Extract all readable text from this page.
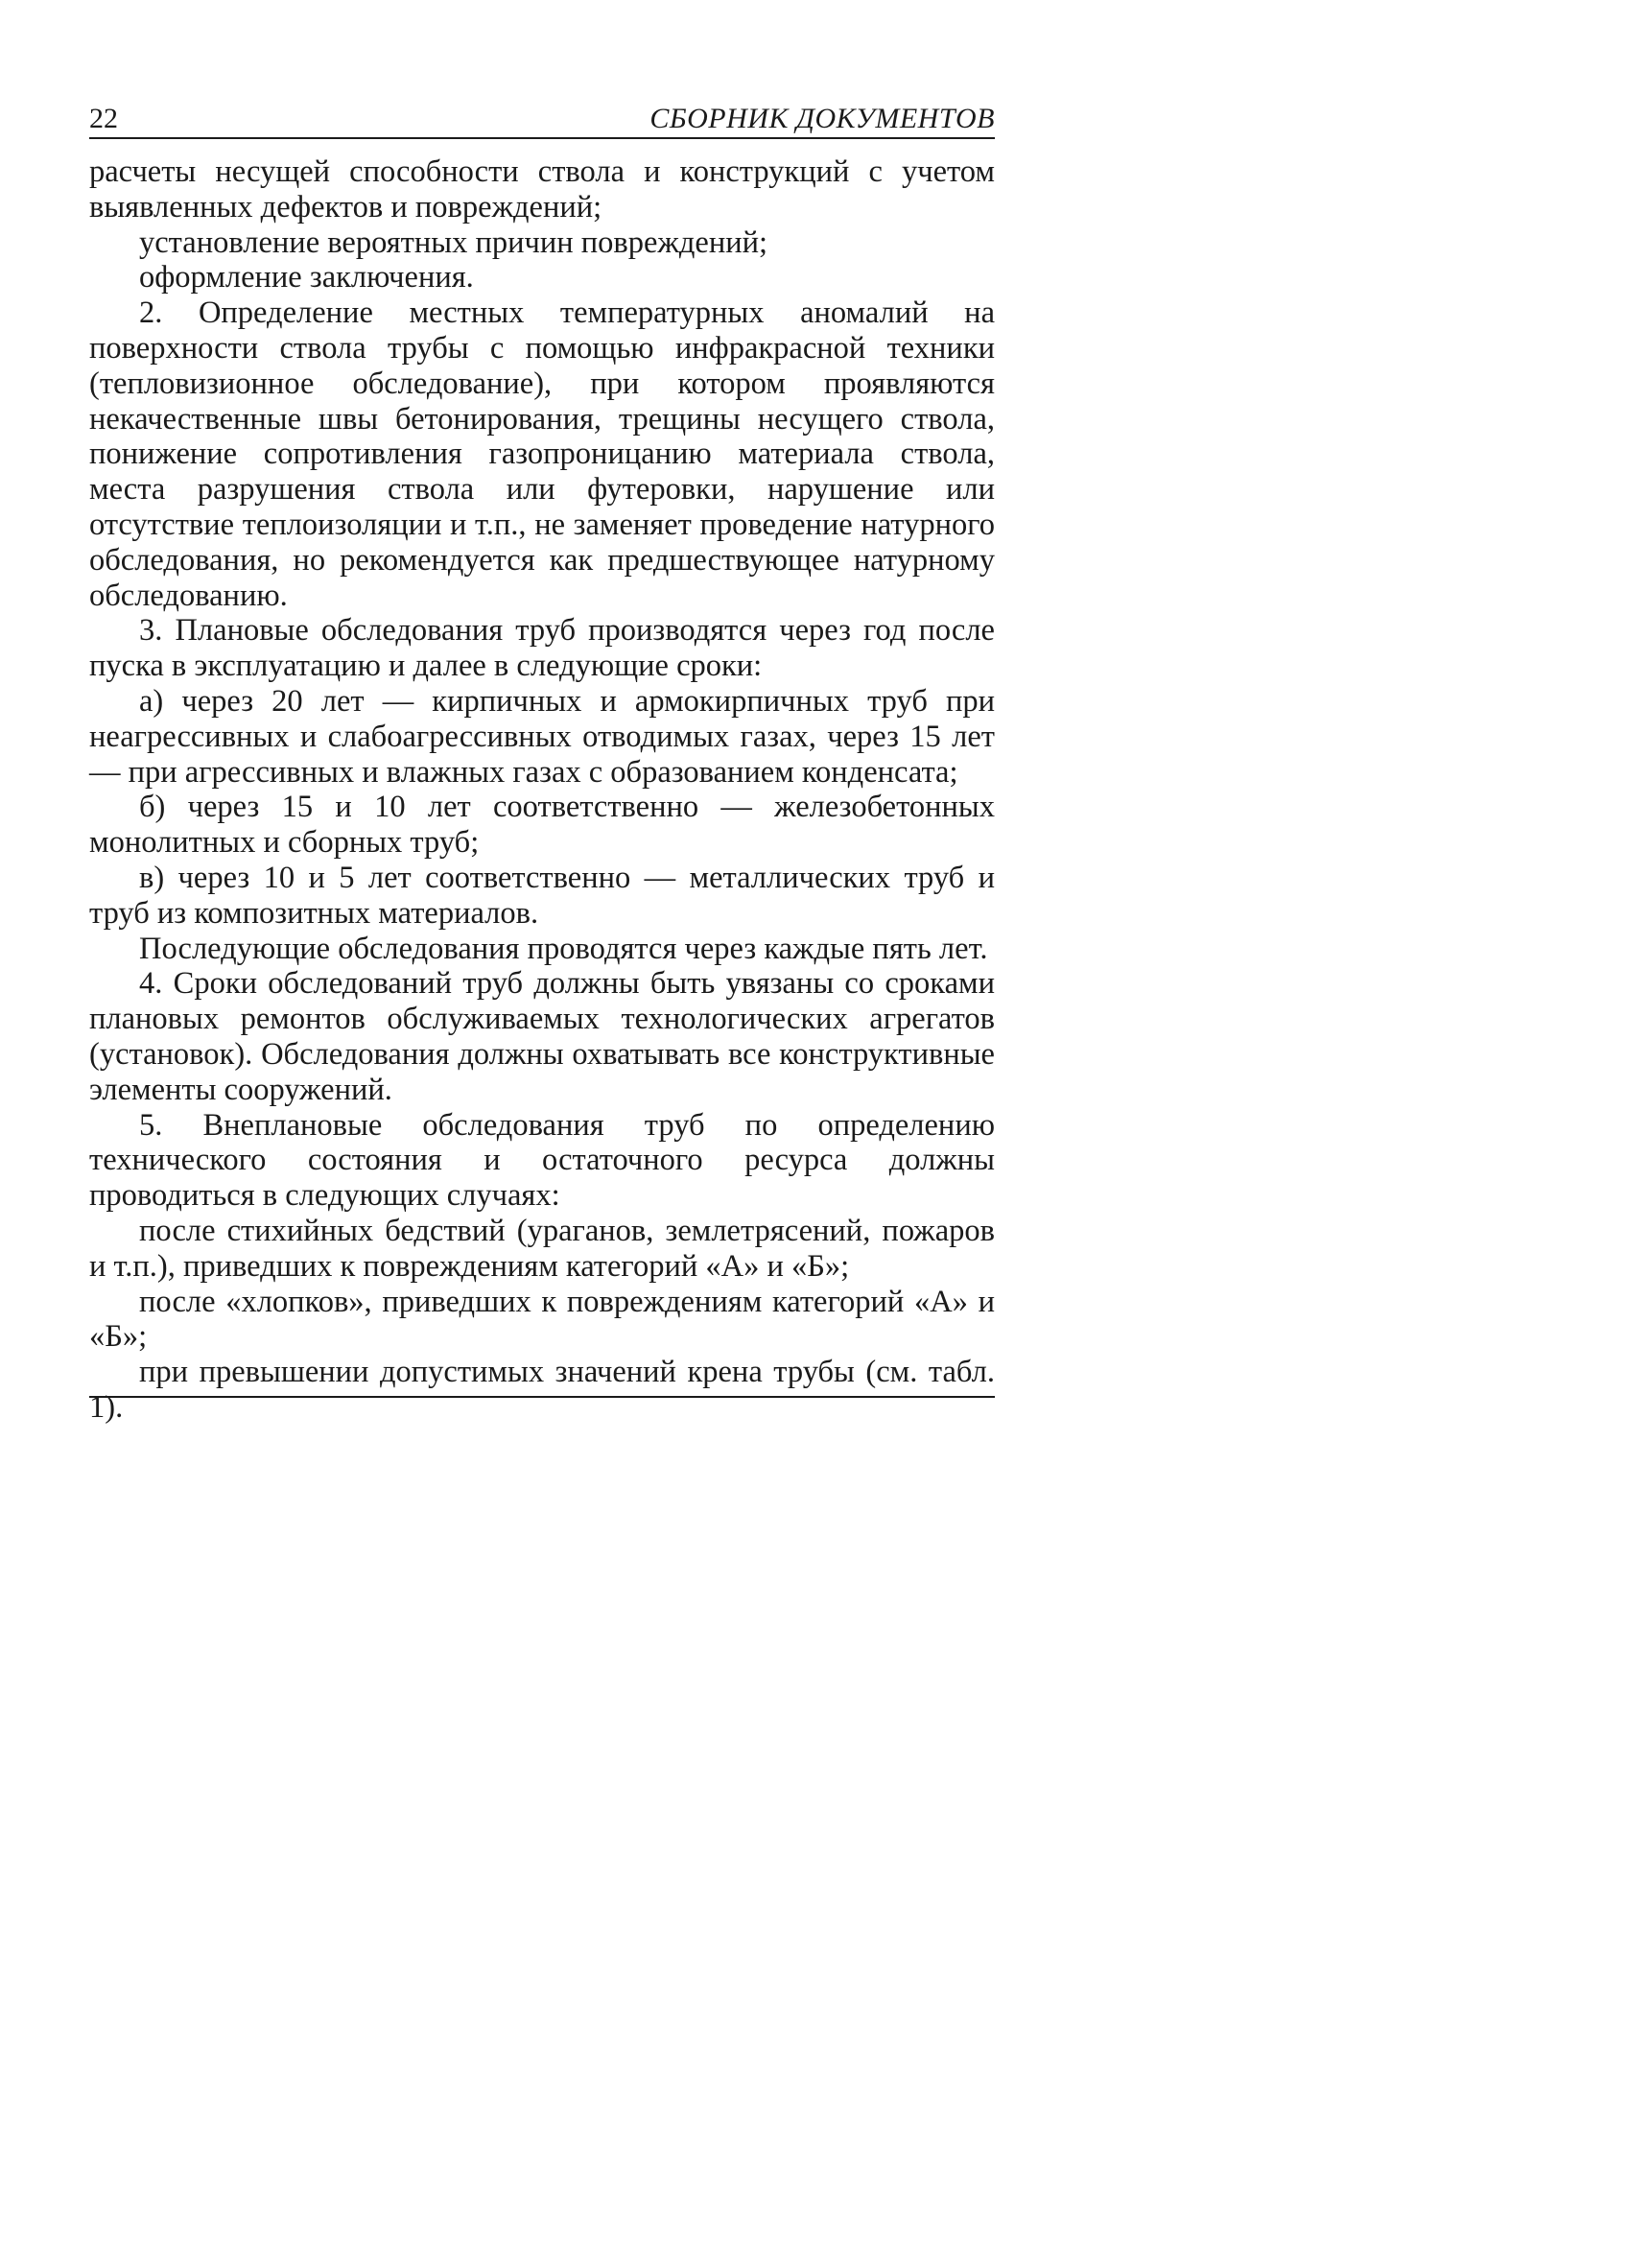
22	СБОРНИК ДОКУМЕНТОВ

расчеты несущей способности ствола и конструкций с учетом выявленных дефектов и повреждений;

установление вероятных причин повреждений;

оформление заключения.

2. Определение местных температурных аномалий на поверхности ствола трубы с помощью инфракрасной техники (тепловизионное обследование), при котором проявляются некачественные швы бетонирования, трещины несущего ствола, понижение сопротивления газопроницанию материала ствола, места разрушения ствола или футеровки, нарушение или отсутствие теплоизоляции и т.п., не заменяет проведение натурного обследования, но рекомендуется как предшествующее натурному обследованию.

3. Плановые обследования труб производятся через год после пуска в эксплуатацию и далее в следующие сроки:

а) через 20 лет — кирпичных и армокирпичных труб при неагрессивных и слабоагрессивных отводимых газах, через 15 лет — при агрессивных и влажных газах с образованием конденсата;

б) через 15 и 10 лет соответственно — железобетонных монолитных и сборных труб;

в) через 10 и 5 лет соответственно — металлических труб и труб из композитных материалов.

Последующие обследования проводятся через каждые пять лет.

4. Сроки обследований труб должны быть увязаны со сроками плановых ремонтов обслуживаемых технологических агрегатов (установок). Обследования должны охватывать все конструктивные элементы сооружений.

5. Внеплановые обследования труб по определению технического состояния и остаточного ресурса должны проводиться в следующих случаях:

после стихийных бедствий (ураганов, землетрясений, пожаров и т.п.), приведших к повреждениям категорий «А» и «Б»;

после «хлопков», приведших к повреждениям категорий «А» и «Б»;

при превышении допустимых значений крена трубы (см. табл. 1).
